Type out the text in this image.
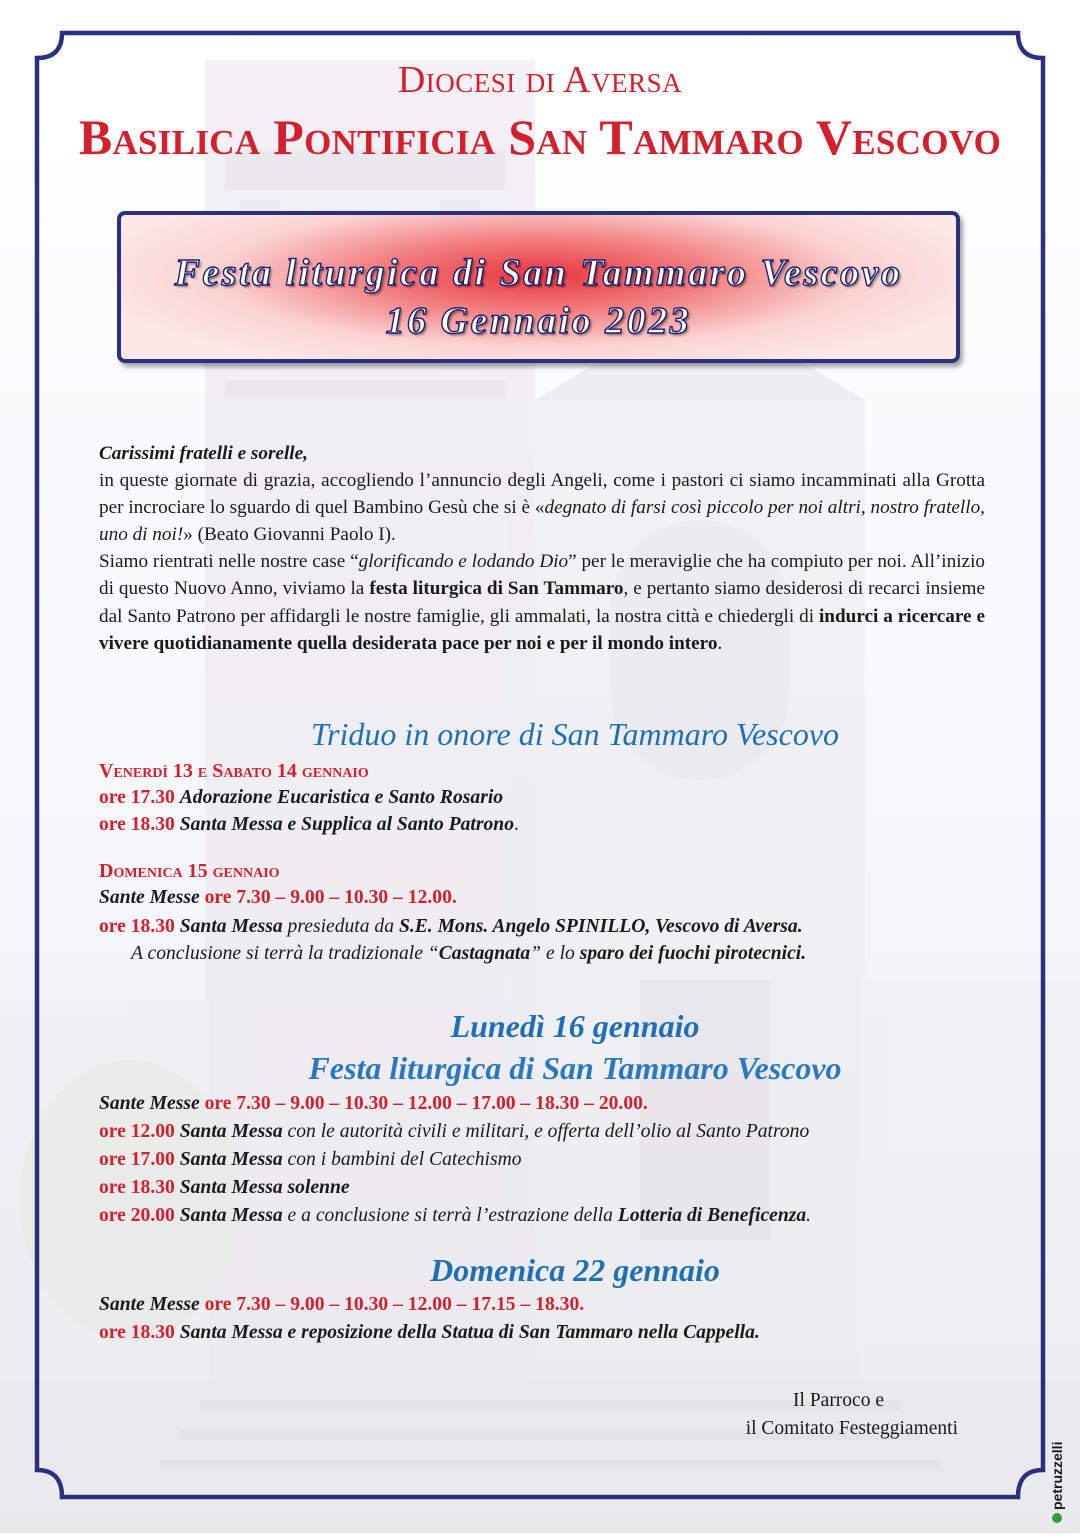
Diocesi di Aversa
Basilica Pontificia San Tammaro Vescovo
Festa liturgica di San Tammaro Vescovo
16 Gennaio 2023

Carissimi fratelli e sorelle,

in queste giornate di grazia, accogliendo l’annuncio degli Angeli, come i pastori ci siamo incamminati alla Grotta per incrociare lo sguardo di quel Bambino Gesù che si è «degnato di farsi così piccolo per noi altri, nostro fratello, uno di noi!» (Beato Giovanni Paolo I).

Siamo rientrati nelle nostre case “glorificando e lodando Dio” per le meraviglie che ha compiuto per noi. All’inizio di questo Nuovo Anno, viviamo la festa liturgica di San Tammaro, e pertanto siamo desiderosi di recarci insieme dal Santo Patrono per affidargli le nostre famiglie, gli ammalati, la nostra città e chiedergli di indurci a ricercare e vivere quotidianamente quella desiderata pace per noi e per il mondo intero.

Triduo in onore di San Tammaro Vescovo
Venerdì 13 e Sabato 14 gennaio
ore 17.30 Adorazione Eucaristica e Santo Rosario
ore 18.30 Santa Messa e Supplica al Santo Patrono.
Domenica 15 gennaio
Sante Messe ore 7.30 – 9.00 – 10.30 – 12.00.
ore 18.30 Santa Messa presieduta da S.E. Mons. Angelo SPINILLO, Vescovo di Aversa.
A conclusione si terrà la tradizionale “Castagnata” e lo sparo dei fuochi pirotecnici.
Lunedì 16 gennaio
Festa liturgica di San Tammaro Vescovo
Sante Messe ore 7.30 – 9.00 – 10.30 – 12.00 – 17.00 – 18.30 – 20.00.
ore 12.00 Santa Messa con le autorità civili e militari, e offerta dell’olio al Santo Patrono
ore 17.00 Santa Messa con i bambini del Catechismo
ore 18.30 Santa Messa solenne
ore 20.00 Santa Messa e a conclusione si terrà l’estrazione della Lotteria di Beneficenza.
Domenica 22 gennaio
Sante Messe ore 7.30 – 9.00 – 10.30 – 12.00 – 17.15 – 18.30.
ore 18.30 Santa Messa e reposizione della Statua di San Tammaro nella Cappella.
Il Parroco e
il Comitato Festeggiamenti
petruzzelli
